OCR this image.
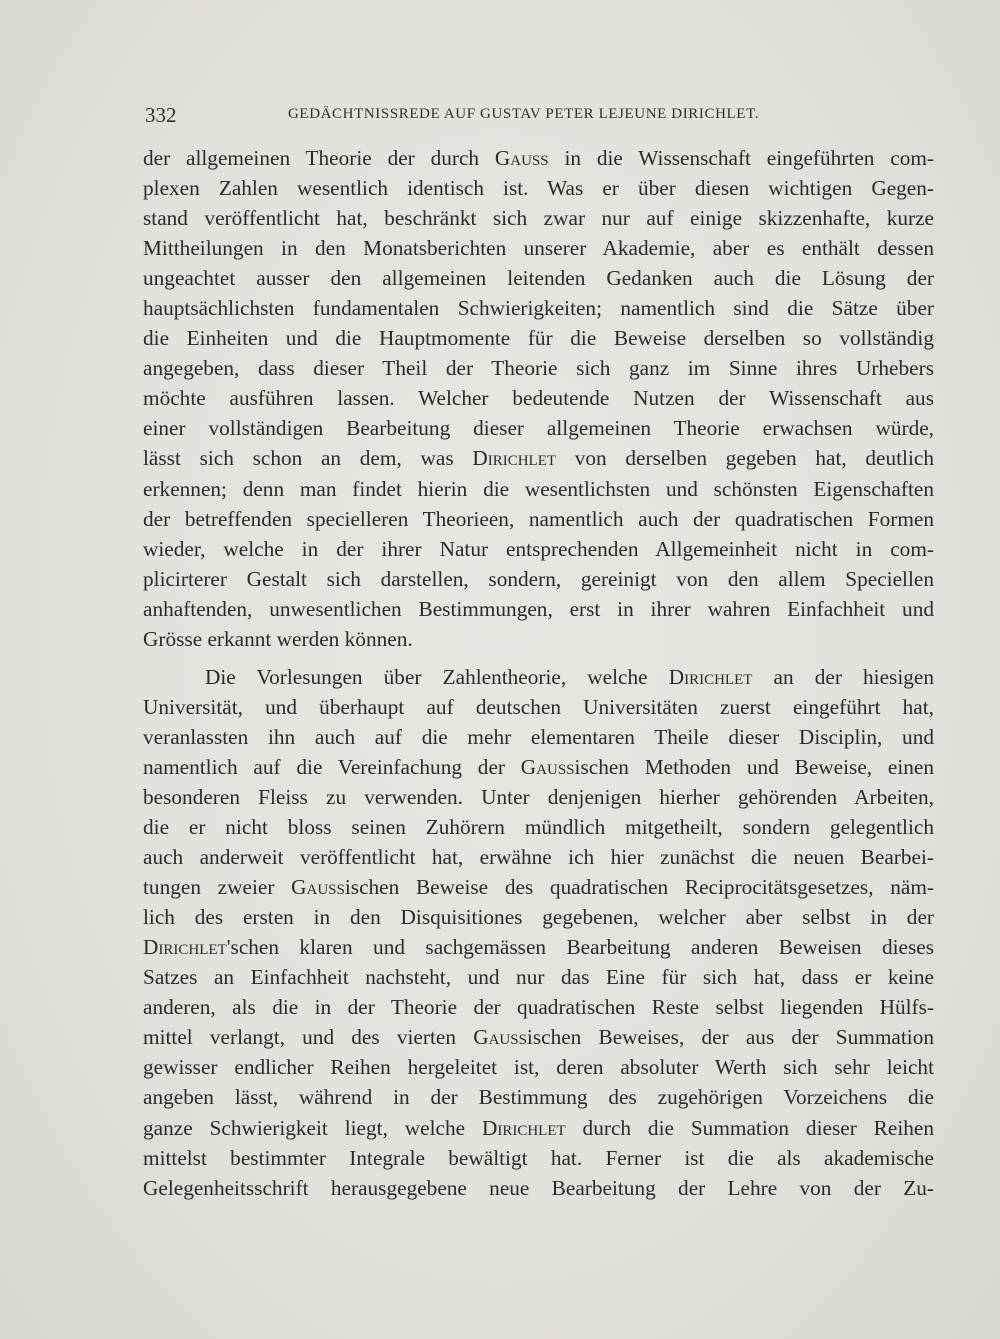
332	GEDÄCHTNISSREDE AUF GUSTAV PETER LEJEUNE DIRICHLET.
der allgemeinen Theorie der durch Gauss in die Wissenschaft eingeführten com-
plexen Zahlen wesentlich identisch ist. Was er über diesen wichtigen Gegen-
stand veröffentlicht hat, beschränkt sich zwar nur auf einige skizzenhafte, kurze
Mittheilungen in den Monatsberichten unserer Akademie, aber es enthält dessen
ungeachtet ausser den allgemeinen leitenden Gedanken auch die Lösung der
hauptsächlichsten fundamentalen Schwierigkeiten; namentlich sind die Sätze über
die Einheiten und die Hauptmomente für die Beweise derselben so vollständig
angegeben, dass dieser Theil der Theorie sich ganz im Sinne ihres Urhebers
möchte ausführen lassen. Welcher bedeutende Nutzen der Wissenschaft aus
einer vollständigen Bearbeitung dieser allgemeinen Theorie erwachsen würde,
lässt sich schon an dem, was Dirichlet von derselben gegeben hat, deutlich
erkennen; denn man findet hierin die wesentlichsten und schönsten Eigenschaften
der betreffenden specielleren Theorieen, namentlich auch der quadratischen Formen
wieder, welche in der ihrer Natur entsprechenden Allgemeinheit nicht in com-
plicirterer Gestalt sich darstellen, sondern, gereinigt von den allem Speciellen
anhaftenden, unwesentlichen Bestimmungen, erst in ihrer wahren Einfachheit und
Grösse erkannt werden können.
Die Vorlesungen über Zahlentheorie, welche Dirichlet an der hiesigen
Universität, und überhaupt auf deutschen Universitäten zuerst eingeführt hat,
veranlassten ihn auch auf die mehr elementaren Theile dieser Disciplin, und
namentlich auf die Vereinfachung der Gaussischen Methoden und Beweise, einen
besonderen Fleiss zu verwenden. Unter denjenigen hierher gehörenden Arbeiten,
die er nicht bloss seinen Zuhörern mündlich mitgetheilt, sondern gelegentlich
auch anderweit veröffentlicht hat, erwähne ich hier zunächst die neuen Bearbei-
tungen zweier Gaussischen Beweise des quadratischen Reciprocitätsgesetzes, näm-
lich des ersten in den Disquisitiones gegebenen, welcher aber selbst in der
Dirichlet'schen klaren und sachgemässen Bearbeitung anderen Beweisen dieses
Satzes an Einfachheit nachsteht, und nur das Eine für sich hat, dass er keine
anderen, als die in der Theorie der quadratischen Reste selbst liegenden Hülfs-
mittel verlangt, und des vierten Gaussischen Beweises, der aus der Summation
gewisser endlicher Reihen hergeleitet ist, deren absoluter Werth sich sehr leicht
angeben lässt, während in der Bestimmung des zugehörigen Vorzeichens die
ganze Schwierigkeit liegt, welche Dirichlet durch die Summation dieser Reihen
mittelst bestimmter Integrale bewältigt hat. Ferner ist die als akademische
Gelegenheitsschrift herausgegebene neue Bearbeitung der Lehre von der Zu-
